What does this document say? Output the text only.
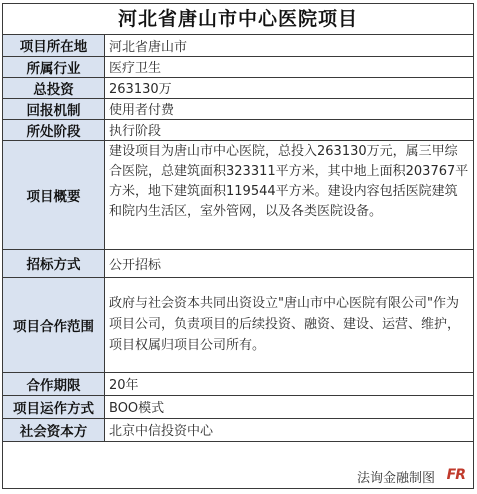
河北省唐山市中心医院项目
项目所在地	河北省唐山市
所属行业	医疗卫生
总投资	263130万
回报机制	使用者付费
所处阶段	执行阶段
项目概要	建设项目为唐山市中心医院，总投入263130万元，属三甲综合医院，总建筑面积323311平方米，其中地上面积203767平方米，地下建筑面积119544平方米。建设内容包括医院建筑和院内生活区，室外管网，以及各类医院设备。
招标方式	公开招标
项目合作范围	政府与社会资本共同出资设立"唐山市中心医院有限公司"作为项目公司，负责项目的后续投资、融资、建设、运营、维护，项目权属归项目公司所有。
合作期限	20年
项目运作方式	BOO模式
社会资本方	北京中信投资中心
法询金融制图 FR
